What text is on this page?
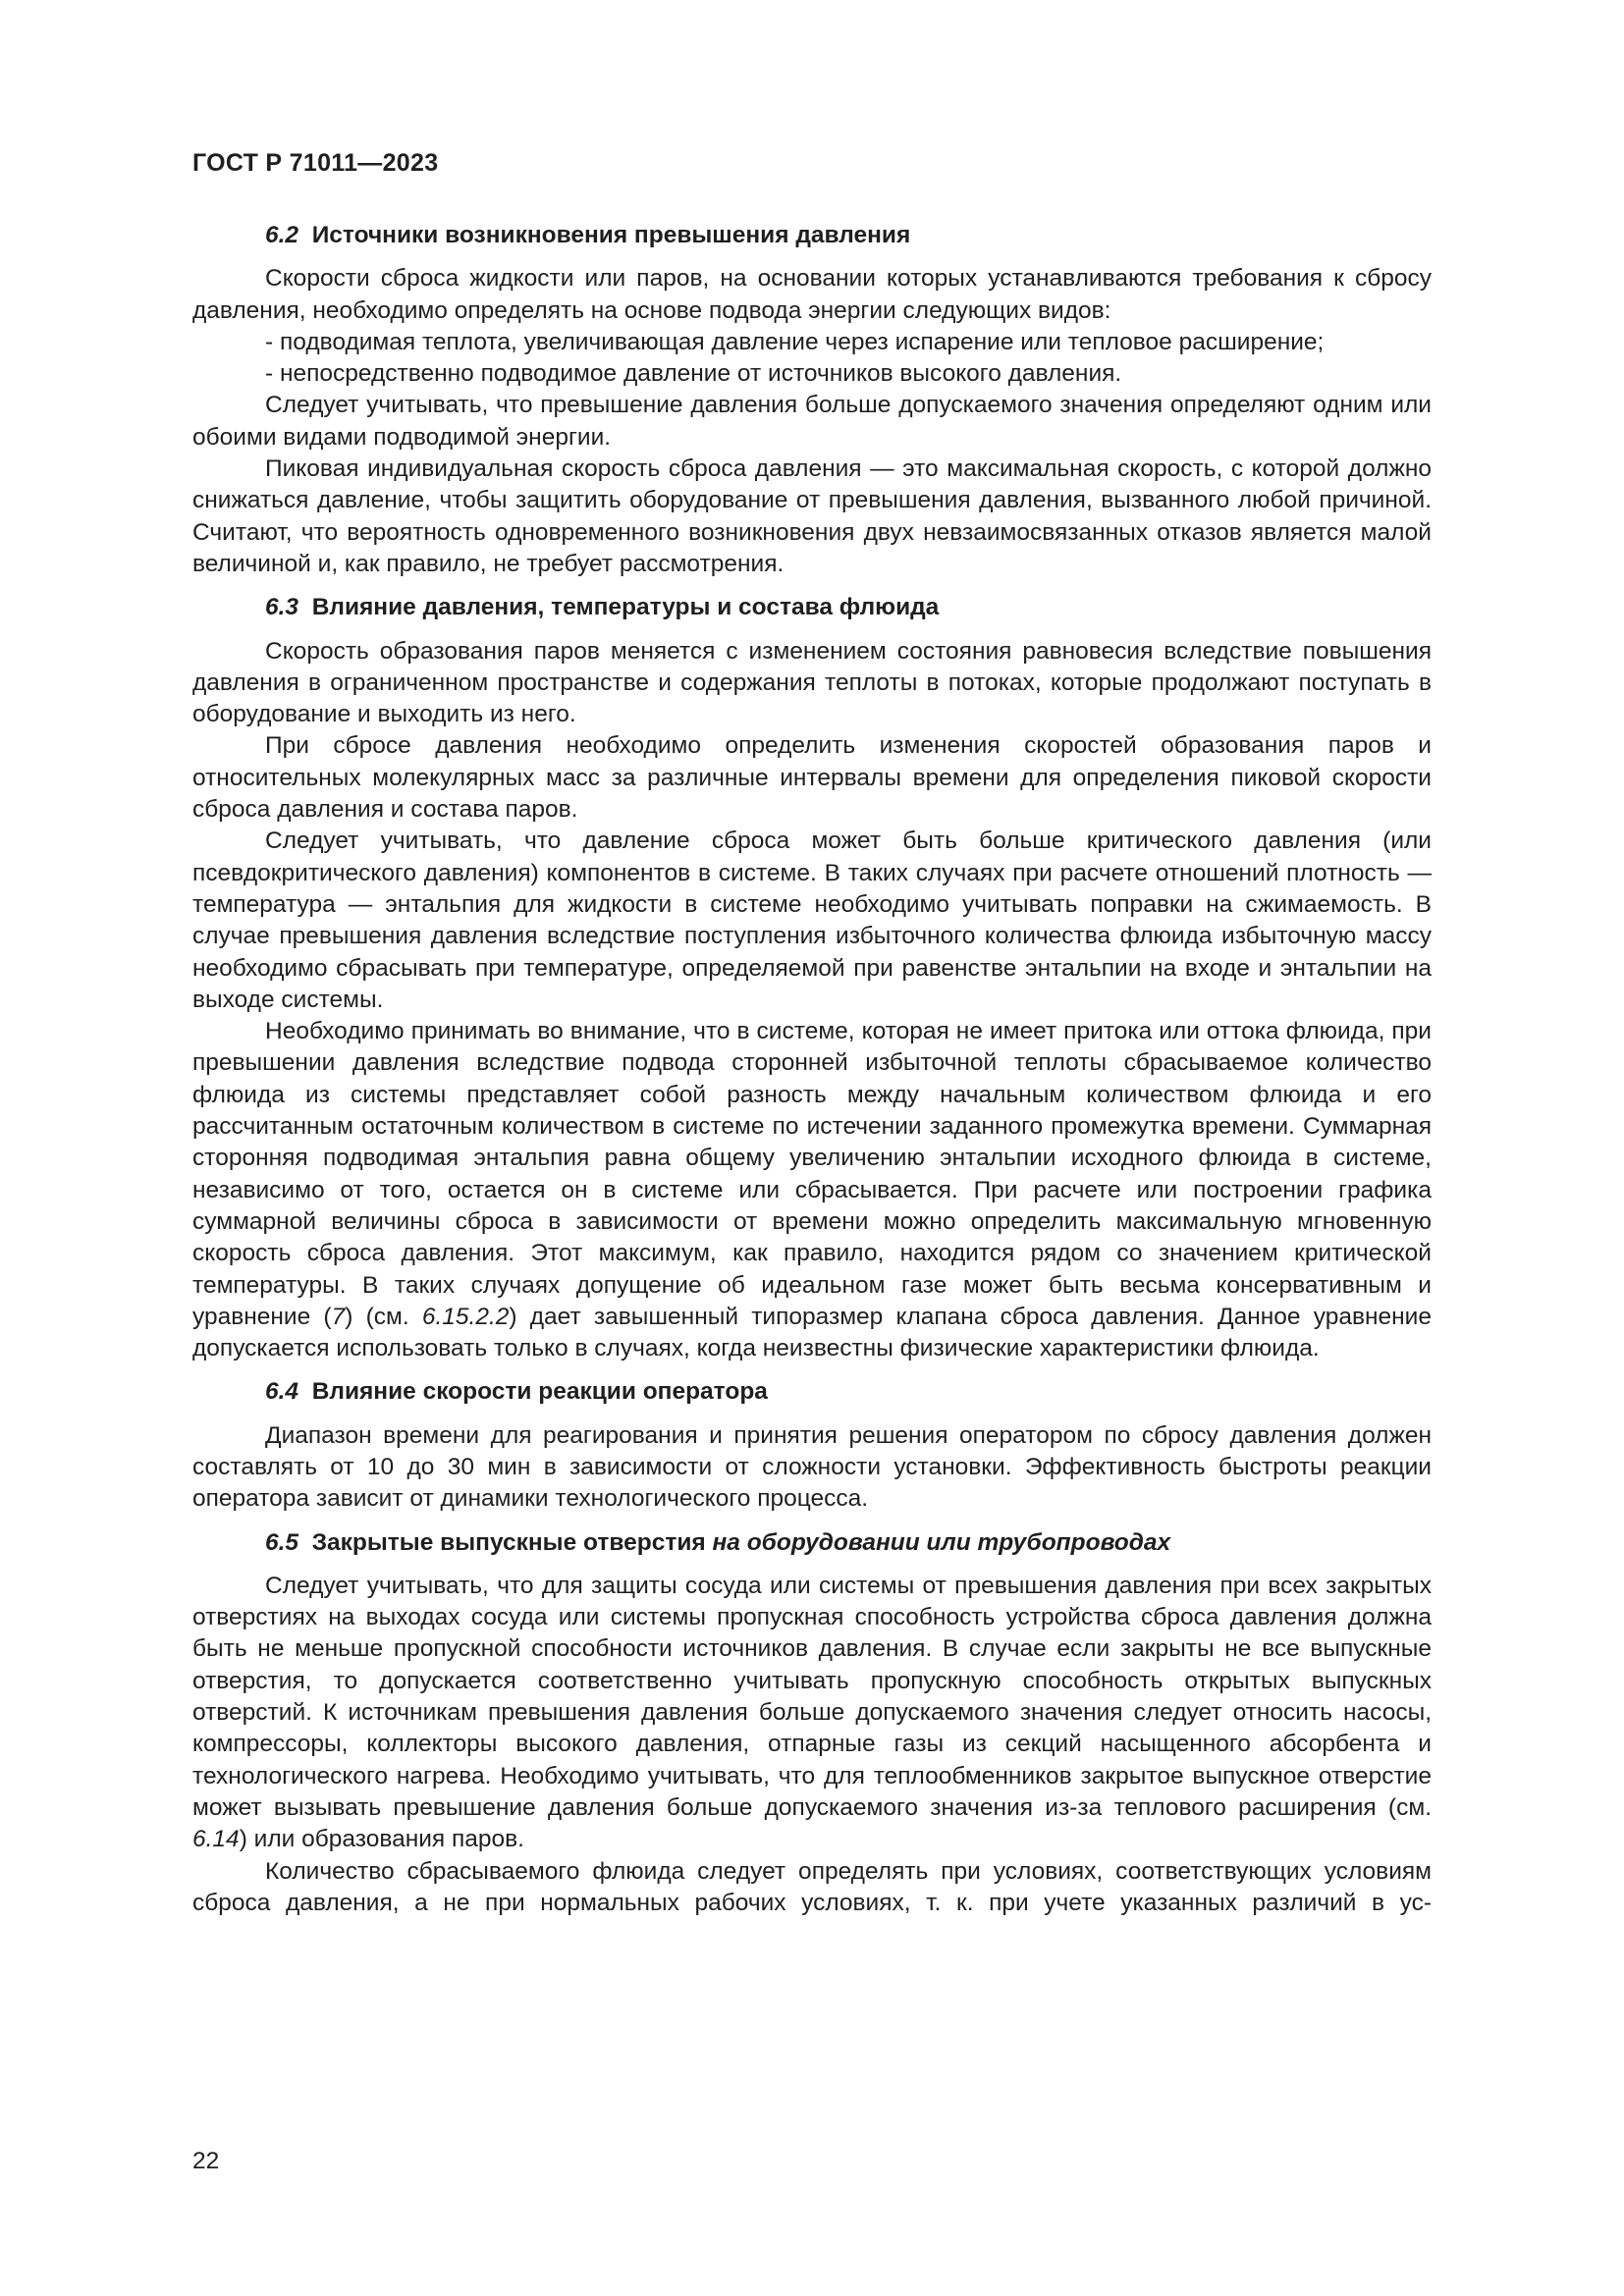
ГОСТ Р 71011—2023
6.2 Источники возникновения превышения давления

Скорости сброса жидкости или паров, на основании которых устанавливаются требования к сбросу давления, необходимо определять на основе подвода энергии следующих видов:

- подводимая теплота, увеличивающая давление через испарение или тепловое расширение;

- непосредственно подводимое давление от источников высокого давления.

Следует учитывать, что превышение давления больше допускаемого значения определяют одним или обоими видами подводимой энергии.

Пиковая индивидуальная скорость сброса давления — это максимальная скорость, с которой должно снижаться давление, чтобы защитить оборудование от превышения давления, вызванного любой причиной. Считают, что вероятность одновременного возникновения двух невзаимосвязанных отказов является малой величиной и, как правило, не требует рассмотрения.

6.3 Влияние давления, температуры и состава флюида

Скорость образования паров меняется с изменением состояния равновесия вследствие повышения давления в ограниченном пространстве и содержания теплоты в потоках, которые продолжают поступать в оборудование и выходить из него.

При сбросе давления необходимо определить изменения скоростей образования паров и относительных молекулярных масс за различные интервалы времени для определения пиковой скорости сброса давления и состава паров.

Следует учитывать, что давление сброса может быть больше критического давления (или псевдокритического давления) компонентов в системе. В таких случаях при расчете отношений плотность — температура — энтальпия для жидкости в системе необходимо учитывать поправки на сжимаемость. В случае превышения давления вследствие поступления избыточного количества флюида избыточную массу необходимо сбрасывать при температуре, определяемой при равенстве энтальпии на входе и энтальпии на выходе системы.

Необходимо принимать во внимание, что в системе, которая не имеет притока или оттока флюида, при превышении давления вследствие подвода сторонней избыточной теплоты сбрасываемое количество флюида из системы представляет собой разность между начальным количеством флюида и его рассчитанным остаточным количеством в системе по истечении заданного промежутка времени. Суммарная сторонняя подводимая энтальпия равна общему увеличению энтальпии исходного флюида в системе, независимо от того, остается он в системе или сбрасывается. При расчете или построении графика суммарной величины сброса в зависимости от времени можно определить максимальную мгновенную скорость сброса давления. Этот максимум, как правило, находится рядом со значением критической температуры. В таких случаях допущение об идеальном газе может быть весьма консервативным и уравнение (7) (см. 6.15.2.2) дает завышенный типоразмер клапана сброса давления. Данное уравнение допускается использовать только в случаях, когда неизвестны физические характеристики флюида.

6.4 Влияние скорости реакции оператора

Диапазон времени для реагирования и принятия решения оператором по сбросу давления должен составлять от 10 до 30 мин в зависимости от сложности установки. Эффективность быстроты реакции оператора зависит от динамики технологического процесса.

6.5 Закрытые выпускные отверстия на оборудовании или трубопроводах

Следует учитывать, что для защиты сосуда или системы от превышения давления при всех закрытых отверстиях на выходах сосуда или системы пропускная способность устройства сброса давления должна быть не меньше пропускной способности источников давления. В случае если закрыты не все выпускные отверстия, то допускается соответственно учитывать пропускную способность открытых выпускных отверстий. К источникам превышения давления больше допускаемого значения следует относить насосы, компрессоры, коллекторы высокого давления, отпарные газы из секций насыщенного абсорбента и технологического нагрева. Необходимо учитывать, что для теплообменников закрытое выпускное отверстие может вызывать превышение давления больше допускаемого значения из-за теплового расширения (см. 6.14) или образования паров.

Количество сбрасываемого флюида следует определять при условиях, соответствующих условиям сброса давления, а не при нормальных рабочих условиях, т. к. при учете указанных различий в ус-

22
